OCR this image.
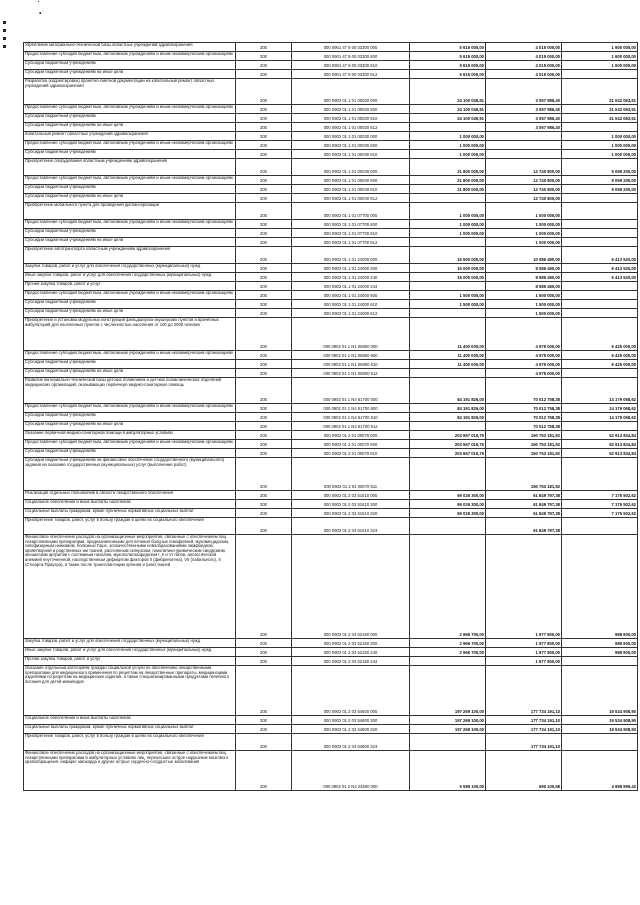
.
Укрепление материально-технической базы областных учреждений здравоохранения	200	000 0901 47 9 00 03300 000	5 615 000,00	4 015 000,00	1 600 000,00
Предоставление субсидий бюджетным, автономным учреждениям и иным некоммерческим организациям	200	000 0901 47 9 00 03300 600	5 615 000,00	4 015 000,00	1 600 000,00
Субсидии бюджетным учреждениям	200	000 0901 47 9 00 03300 610	5 615 000,00	4 015 000,00	1 600 000,00
Субсидии бюджетным учреждениям на иные цели	200	000 0901 47 9 00 03300 612	5 615 000,00	4 015 000,00	
Разработка (корректировка) проектно-сметной документации на капитальный ремонт областных учреждений здравоохранения	200	000 0902 01 1 01 00020 000	24 100 049,91	3 057 986,40	21 042 063,51
Предоставление субсидий бюджетным, автономным учреждениям и иным некоммерческим организациям	200	000 0902 01 1 01 00020 600	24 100 049,91	3 057 986,40	21 042 063,51
Субсидии бюджетным учреждениям	200	000 0902 01 1 01 00020 610	24 100 049,91	3 057 986,40	21 042 063,51
Субсидии бюджетным учреждениям на иные цели	200	000 0902 01 1 01 00020 612		3 057 986,40	
Капитальный ремонт областных учреждений здравоохранения	200	000 0902 01 1 01 00030 000	1 000 000,00		1 000 000,00
Предоставление субсидий бюджетным, автономным учреждениям и иным некоммерческим организациям	200	000 0902 01 1 01 00030 600	1 000 000,00		1 000 000,00
Субсидии бюджетным учреждениям	200	000 0902 01 1 01 00030 610	1 000 000,00		1 000 000,00
Приобретение оборудования областным учреждениям здравоохранения	200	000 0902 01 1 01 00040 000	21 800 000,00	12 740 800,00	9 059 200,00
Предоставление субсидий бюджетным, автономным учреждениям и иным некоммерческим организациям	200	000 0902 01 1 01 00040 600	21 800 000,00	12 740 800,00	9 059 200,00
Субсидии бюджетным учреждениям	200	000 0902 01 1 01 00040 610	21 800 000,00	12 740 800,00	9 059 200,00
Субсидии бюджетным учреждениям на иные цели	200	000 0902 01 1 01 00040 612		12 740 800,00	
Приобретение мобильного пункта для проведения диспансеризации	200	000 0902 01 1 01 07700 000	1 000 000,00	1 000 000,00	
Предоставление субсидий бюджетным, автономным учреждениям и иным некоммерческим организациям	200	000 0902 01 1 01 07700 600	1 000 000,00	1 000 000,00	
Субсидии бюджетным учреждениям	200	000 0902 01 1 01 07700 610	1 000 000,00	1 000 000,00	
Субсидии бюджетным учреждениям на иные цели	200	000 0902 01 1 01 07700 612		1 000 000,00	
Приобретение автотранспорта областным учреждениям здравоохранения	200	000 0902 01 1 01 24000 000	16 500 000,00	10 086 480,00	6 413 520,00
Закупка товаров, работ и услуг для обеспечения государственных (муниципальных) нужд	200	000 0902 01 1 01 24000 200	15 000 000,00	8 586 480,00	6 413 520,00
Иные закупки товаров, работ и услуг для обеспечения государственных (муниципальных) нужд	200	000 0902 01 1 01 24000 240	15 000 000,00	8 586 480,00	6 413 520,00
Прочая закупка товаров, работ и услуг	200	000 0902 01 1 01 24000 244		8 586 480,00	
Предоставление субсидий бюджетным, автономным учреждениям и иным некоммерческим организациям	200	000 0902 01 1 01 24000 600	1 500 000,00	1 500 000,00	
Субсидии бюджетным учреждениям	200	000 0902 01 1 01 24000 610	1 500 000,00	1 500 000,00	
Субсидии бюджетным учреждениям на иные цели	200	000 0902 01 1 01 24000 612		1 500 000,00	
Приобретение и установка модульных конструкций фельдшерско-акушерских пунктов и врачебных амбулаторий для населенных пунктов с численностью населения от 100 до 2000 человек	200	000 0902 01 1 N1 06800 000	11 400 000,00	4 975 000,00	6 425 000,00
Предоставление субсидий бюджетным, автономным учреждениям и иным некоммерческим организациям	200	000 0902 01 1 N1 06800 600	11 400 000,00	4 975 000,00	6 425 000,00
Субсидии бюджетным учреждениям	200	000 0902 01 1 N1 06800 610	11 400 000,00	4 975 000,00	6 425 000,00
Субсидии бюджетным учреждениям на иные цели	200	000 0902 01 1 N1 06800 612		4 975 000,00	
Развитие материально-технической базы детских поликлиник и детских поликлинических отделений медицинских организаций, оказывающих первичную медико-санитарную помощь	200	000 0902 01 1 N4 51700 000	84 191 826,00	70 012 758,38	14 179 068,62
Предоставление субсидий бюджетным, автономным учреждениям и иным некоммерческим организациям	200	000 0902 01 1 N4 51700 600	84 191 826,00	70 012 758,38	14 179 068,62
Субсидии бюджетным учреждениям	200	000 0902 01 1 N4 51700 610	84 191 826,00	70 012 758,38	14 179 068,62
Субсидии бюджетным учреждениям на иные цели	200	000 0902 01 1 N4 51700 612		70 012 758,38	
Оказание первичной медико-санитарной помощи в амбулаторных условиях	200	000 0902 01 2 01 00070 000	203 667 016,76	150 753 181,92	52 913 834,84
Предоставление субсидий бюджетным, автономным учреждениям и иным некоммерческим организациям	200	000 0902 01 2 01 00070 600	203 667 016,76	150 753 181,92	52 913 834,84
Субсидии бюджетным учреждениям	200	000 0902 01 2 01 00070 610	203 667 016,76	150 753 181,92	52 913 834,84
Субсидии бюджетным учреждениям на финансовое обеспечение государственного (муниципального) задания на оказание государственных (муниципальных) услуг (выполнение работ)	200	000 0902 01 2 01 00070 611		150 753 181,92	
Реализация отдельных полномочий в области лекарственного обеспечения	200	000 0902 01 2 03 51610 000	69 026 300,00	61 849 797,38	7 176 502,62
Социальное обеспечение и иные выплаты населению	200	000 0902 01 2 03 51610 300	69 026 300,00	61 849 797,38	7 176 502,62
Социальные выплаты гражданам, кроме публичных нормативных социальных выплат	200	000 0902 01 2 03 51610 320	69 026 300,00	61 849 797,38	7 176 502,62
Приобретение товаров, работ, услуг в пользу граждан в целях их социального обеспечения	200	000 0902 01 2 03 51610 323		61 849 797,38	
Финансовое обеспечение расходов на организационные мероприятия, связанные с обеспечением лиц лекарственными препаратами, предназначенными для лечения больных гемофилией, муковисцидозом, гипофизарным нанизмом, болезнью Гоше, злокачественными новообразованиями лимфоидной, кроветворной и родственных им тканей, рассеянным склерозом, гемолитико-уремическим синдромом, юношеским артритом с системным началом, мукополисахаридозом I, II и VI типов, апластической анемией неуточненной, наследственным дефицитом факторов II (фибриногена), VII (лабильного), X (Стюарта-Прауэра), а также после трансплантации органов и (или) тканей	200	000 0902 01 2 03 52160 000	2 966 700,00	1 977 800,00	988 900,00
Закупка товаров, работ и услуг для обеспечения государственных (муниципальных) нужд	200	000 0902 01 2 03 52160 200	2 966 700,00	1 977 800,00	988 900,00
Иные закупки товаров, работ и услуг для обеспечения государственных (муниципальных) нужд	200	000 0902 01 2 03 52160 240	2 966 700,00	1 977 800,00	988 900,00
Прочая закупка товаров, работ и услуг	200	000 0902 01 2 03 52160 244		1 977 800,00	
Оказание отдельным категориям граждан социальной услуги по обеспечению лекарственными препаратами для медицинского применения по рецептам на лекарственные препараты, медицинскими изделиями по рецептам на медицинские изделия, а также специализированными продуктами лечебного питания для детей-инвалидов	200	000 0902 01 2 03 54600 000	197 269 100,00	177 734 191,10	19 534 908,90
Социальное обеспечение и иные выплаты населению	200	000 0902 01 2 03 54600 300	197 269 100,00	177 734 191,10	19 534 908,90
Социальные выплаты гражданам, кроме публичных нормативных социальных выплат	200	000 0902 01 2 03 54600 320	197 269 100,00	177 734 191,10	19 534 908,90
Приобретение товаров, работ, услуг в пользу граждан в целях их социального обеспечения	200	000 0902 01 2 03 54600 323		177 734 191,10	
Финансовое обеспечение расходов на организационные мероприятия, связанные с обеспечением лиц лекарственными препаратами в амбулаторных условиях лиц, перенесших острое нарушение мозгового кровообращения, инфаркт миокарда и другие острые сердечно-сосудистые заболевания	200	000 0902 01 2 N2 24500 000	5 589 100,00	590 100,58	4 998 999,42
